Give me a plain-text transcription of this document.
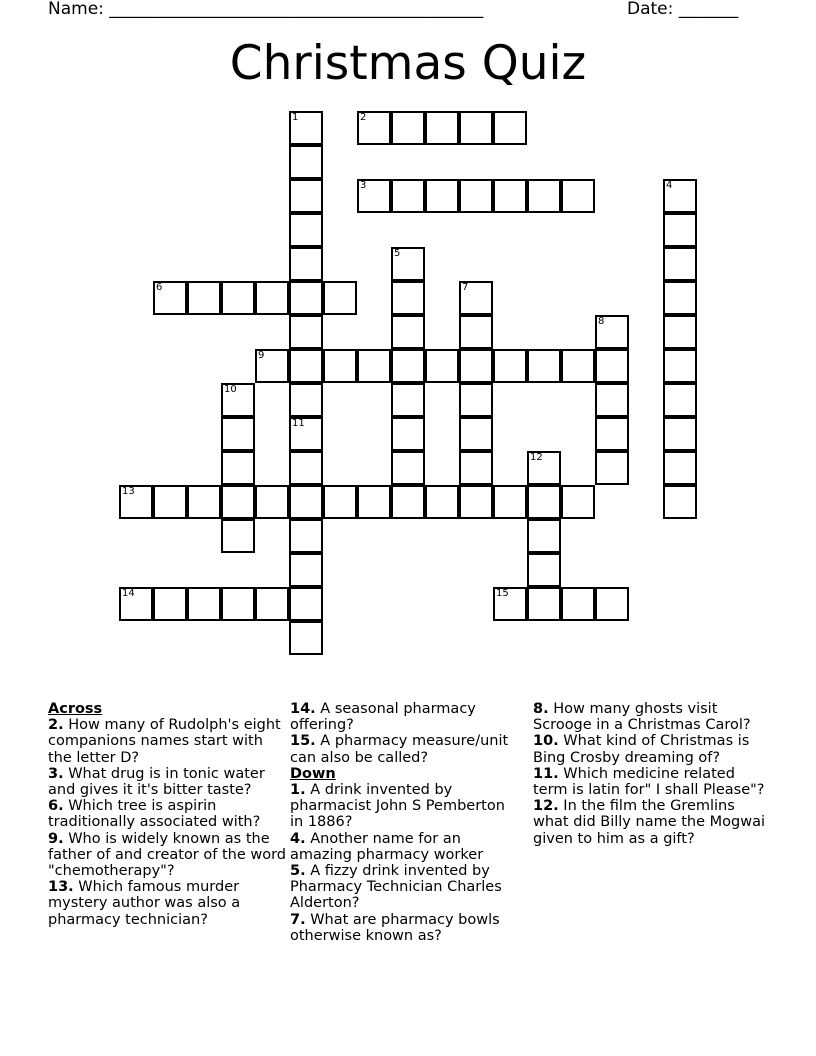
Name: ____________________________________________	Date: _______
Christmas Quiz
2
3
6
9
13
14	15
1
11
4
5
7
8
10
12
Across
2. How many of Rudolph's eight companions names start with the letter D?
3. What drug is in tonic water and gives it it's bitter taste?
6. Which tree is aspirin traditionally associated with?
9. Who is widely known as the father of and creator of the word "chemotherapy"?
13. Which famous murder mystery author was also a pharmacy technician?
14. A seasonal pharmacy offering?
15. A pharmacy measure/unit can also be called?
Down
1. A drink invented by pharmacist John S Pemberton in 1886?
4. Another name for an amazing pharmacy worker
5. A fizzy drink invented by Pharmacy Technician Charles Alderton?
7. What are pharmacy bowls otherwise known as?
8. How many ghosts visit Scrooge in a Christmas Carol?
10. What kind of Christmas is Bing Crosby dreaming of?
11. Which medicine related term is latin for" I shall Please"?
12. In the film the Gremlins what did Billy name the Mogwai given to him as a gift?
